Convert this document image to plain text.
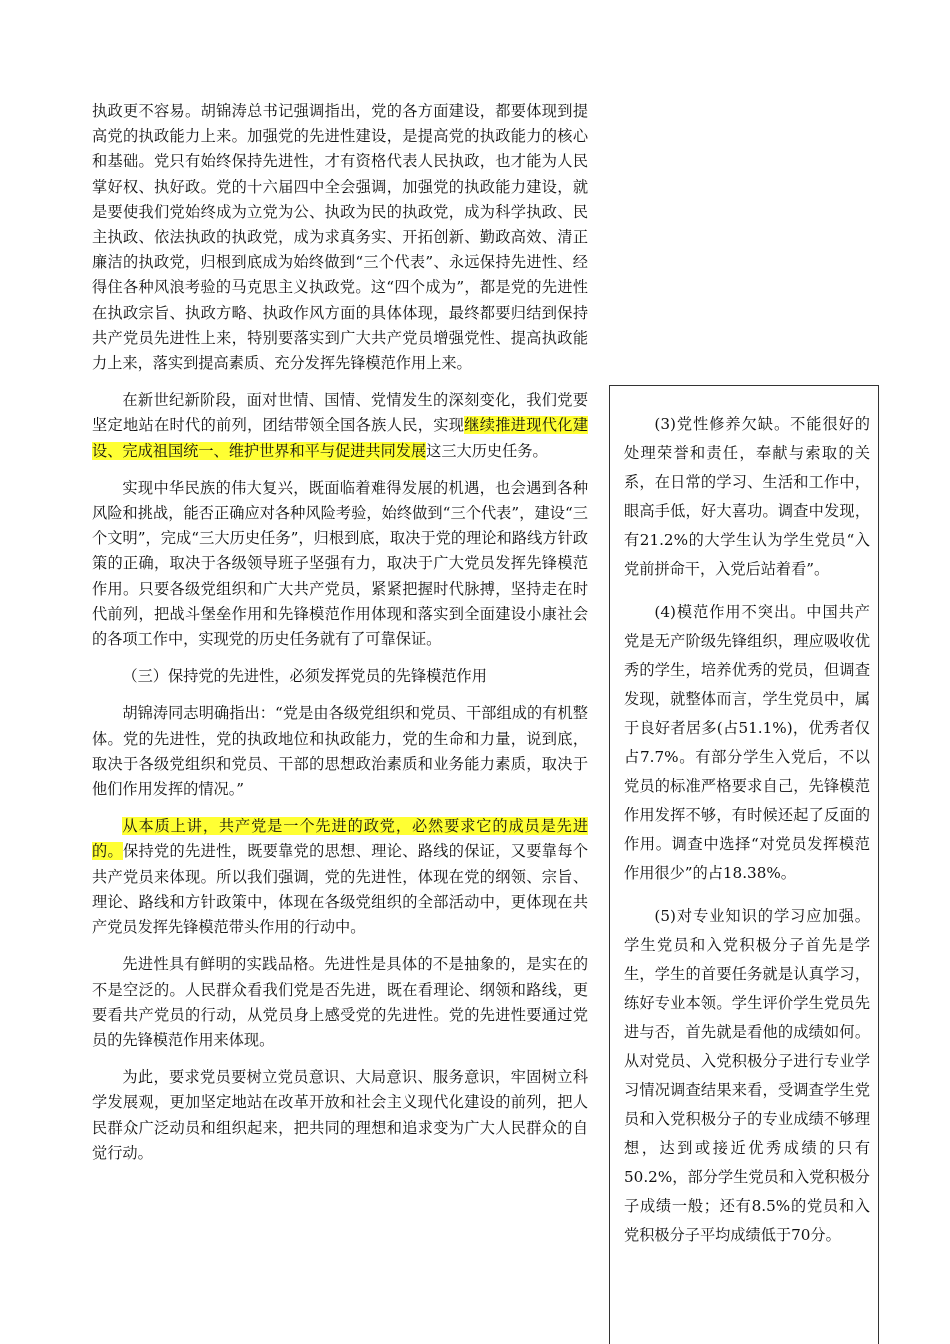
执政更不容易。胡锦涛总书记强调指出，党的各方面建设，都要体现到提高党的执政能力上来。加强党的先进性建设，是提高党的执政能力的核心和基础。党只有始终保持先进性，才有资格代表人民执政，也才能为人民掌好权、执好政。党的十六届四中全会强调，加强党的执政能力建设，就是要使我们党始终成为立党为公、执政为民的执政党，成为科学执政、民主执政、依法执政的执政党，成为求真务实、开拓创新、勤政高效、清正廉洁的执政党，归根到底成为始终做到“三个代表”、永远保持先进性、经得住各种风浪考验的马克思主义执政党。这“四个成为”，都是党的先进性在执政宗旨、执政方略、执政作风方面的具体体现，最终都要归结到保持共产党员先进性上来，特别要落实到广大共产党员增强党性、提高执政能力上来，落实到提高素质、充分发挥先锋模范作用上来。

在新世纪新阶段，面对世情、国情、党情发生的深刻变化，我们党要坚定地站在时代的前列，团结带领全国各族人民，实现继续推进现代化建设、完成祖国统一、维护世界和平与促进共同发展这三大历史任务。

实现中华民族的伟大复兴，既面临着难得发展的机遇，也会遇到各种风险和挑战，能否正确应对各种风险考验，始终做到“三个代表”，建设“三个文明”，完成“三大历史任务”，归根到底，取决于党的理论和路线方针政策的正确，取决于各级领导班子坚强有力，取决于广大党员发挥先锋模范作用。只要各级党组织和广大共产党员，紧紧把握时代脉搏，坚持走在时代前列，把战斗堡垒作用和先锋模范作用体现和落实到全面建设小康社会的各项工作中，实现党的历史任务就有了可靠保证。

（三）保持党的先进性，必须发挥党员的先锋模范作用

胡锦涛同志明确指出：“党是由各级党组织和党员、干部组成的有机整体。党的先进性，党的执政地位和执政能力，党的生命和力量，说到底，取决于各级党组织和党员、干部的思想政治素质和业务能力素质，取决于他们作用发挥的情况。”

从本质上讲，共产党是一个先进的政党，必然要求它的成员是先进的。保持党的先进性，既要靠党的思想、理论、路线的保证，又要靠每个共产党员来体现。所以我们强调，党的先进性，体现在党的纲领、宗旨、理论、路线和方针政策中，体现在各级党组织的全部活动中，更体现在共产党员发挥先锋模范带头作用的行动中。

先进性具有鲜明的实践品格。先进性是具体的不是抽象的，是实在的不是空泛的。人民群众看我们党是否先进，既在看理论、纲领和路线，更要看共产党员的行动，从党员身上感受党的先进性。党的先进性要通过党员的先锋模范作用来体现。

为此，要求党员要树立党员意识、大局意识、服务意识，牢固树立科学发展观，更加坚定地站在改革开放和社会主义现代化建设的前列，把人民群众广泛动员和组织起来，把共同的理想和追求变为广大人民群众的自觉行动。

(3)党性修养欠缺。不能很好的处理荣誉和责任，奉献与索取的关系，在日常的学习、生活和工作中，眼高手低，好大喜功。调查中发现，有21.2%的大学生认为学生党员“入党前拼命干，入党后站着看”。

(4)模范作用不突出。中国共产党是无产阶级先锋组织，理应吸收优秀的学生，培养优秀的党员，但调查发现，就整体而言，学生党员中，属于良好者居多(占51.1%)，优秀者仅占7.7%。有部分学生入党后，不以党员的标准严格要求自己，先锋模范作用发挥不够，有时候还起了反面的作用。调查中选择“对党员发挥模范作用很少”的占18.38%。

(5)对专业知识的学习应加强。学生党员和入党积极分子首先是学生，学生的首要任务就是认真学习，练好专业本领。学生评价学生党员先进与否，首先就是看他的成绩如何。从对党员、入党积极分子进行专业学习情况调查结果来看，受调查学生党员和入党积极分子的专业成绩不够理想，达到或接近优秀成绩的只有50.2%，部分学生党员和入党积极分子成绩一般；还有8.5%的党员和入党积极分子平均成绩低于70分。
